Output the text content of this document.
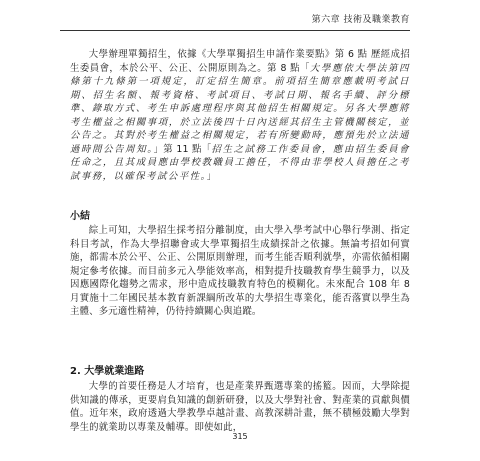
第六章 技術及職業教育

大學辦理單獨招生，依據《大學單獨招生申請作業要點》第 6 點 歷經成招生委員會，本於公平、公正、公開原則為之。第 8 點「大學應依大學法第四條第十九條第一項規定，訂定招生簡章。前項招生簡章應載明考試日期、招生名額、報考資格、考試項目、考試日期、報名手續、評分標準、錄取方式、考生申訴處理程序與其他招生相關規定。另各大學應將考生權益之相關事項，於立法後四十日內送經其招生主管機關核定，並公告之。其對於考生權益之相關規定，若有所變動時，應預先於立法通過時間公告周知。」第 11 點「招生之試務工作委員會，應由招生委員會任命之，且其成員應由學校教職員工擔任，不得由非學校人員擔任之考試事務，以確保考試公平性。」

小結

綜上可知，大學招生採考招分離制度，由大學入學考試中心舉行學測、指定科目考試，作為大學招聯會或大學單獨招生成績採計之依據。無論考招如何實施，都需本於公平、公正、公開原則辦理，而考生能否順利就學，亦需依循相關規定參考依據。而目前多元入學能效率高，相對提升技職教育學生競爭力，以及因應國際化趨勢之需求，形中造成技職教育特色的模糊化。未來配合 108 年 8 月實施十二年國民基本教育新課綱所改革的大學招生專業化，能否落實以學生為主體、多元適性精神，仍待持續關心與追蹤。

2. 大學就業進路

大學的首要任務是人才培育，也是產業界甄選專業的搖籃。因而，大學除提供知識的傳承，更要肩負知識的創新研發，以及大學對社會、對產業的貢獻與價值。近年來，政府透過大學教學卓越計畫、高教深耕計畫，無不積極鼓勵大學對學生的就業助以專業及輔導。即使如此，

315
